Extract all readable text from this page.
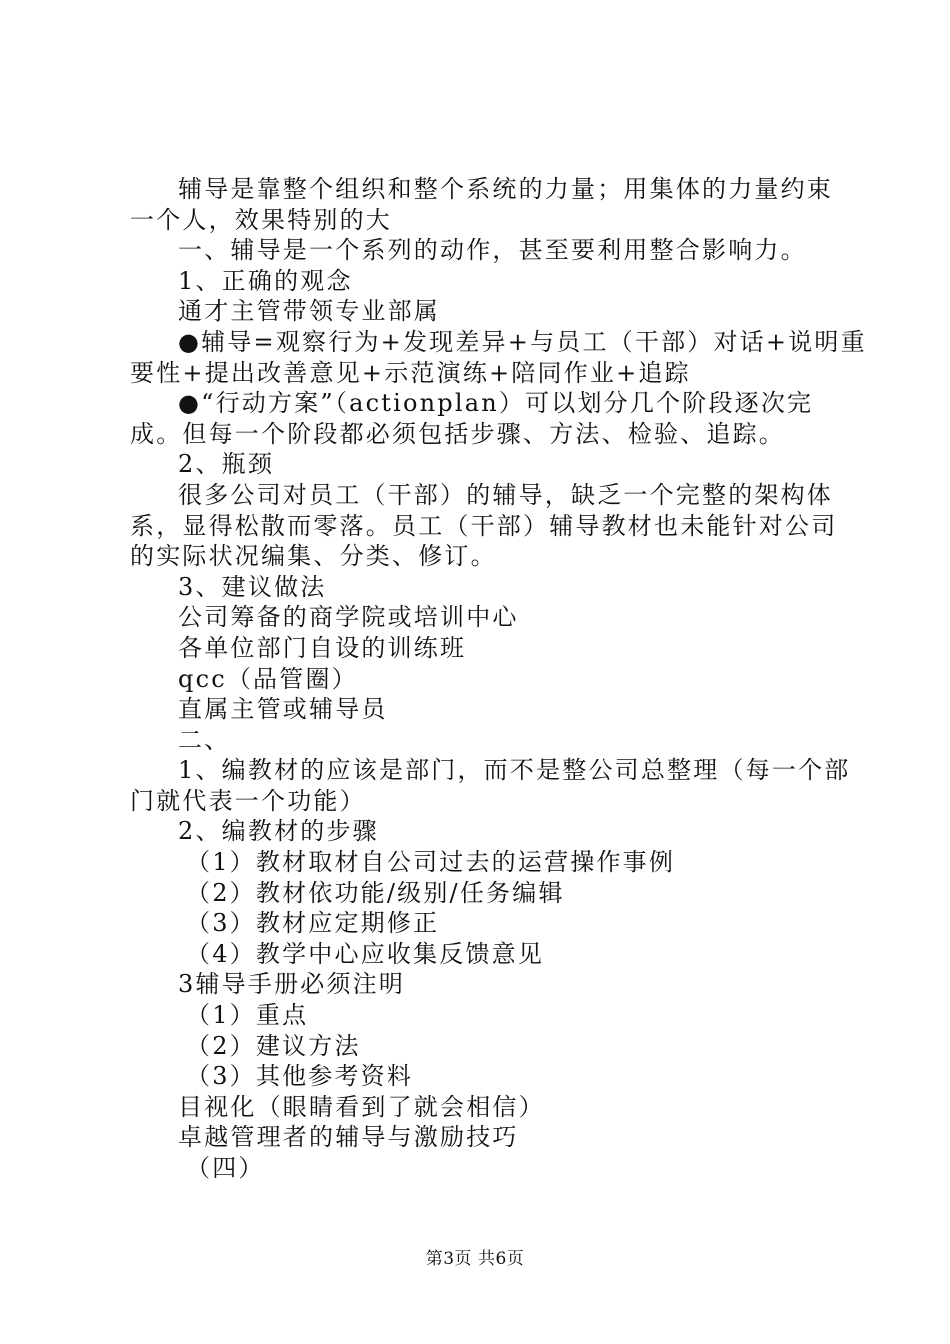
辅导是靠整个组织和整个系统的力量；用集体的力量约束
一个人，效果特别的大
一、辅导是一个系列的动作，甚至要利用整合影响力。
1、正确的观念
通才主管带领专业部属
●辅导=观察行为+发现差异+与员工（干部）对话+说明重
要性+提出改善意见+示范演练+陪同作业+追踪
●“行动方案”（actionplan）可以划分几个阶段逐次完
成。但每一个阶段都必须包括步骤、方法、检验、追踪。
2、瓶颈
很多公司对员工（干部）的辅导，缺乏一个完整的架构体
系，显得松散而零落。员工（干部）辅导教材也未能针对公司
的实际状况编集、分类、修订。
3、建议做法
公司筹备的商学院或培训中心
各单位部门自设的训练班
qcc（品管圈）
直属主管或辅导员
二、
1、编教材的应该是部门，而不是整公司总整理（每一个部
门就代表一个功能）
2、编教材的步骤
（1）教材取材自公司过去的运营操作事例
（2）教材依功能/级别/任务编辑
（3）教材应定期修正
（4）教学中心应收集反馈意见
3辅导手册必须注明
（1）重点
（2）建议方法
（3）其他参考资料
目视化（眼睛看到了就会相信）
卓越管理者的辅导与激励技巧
（四）
第3页 共6页
